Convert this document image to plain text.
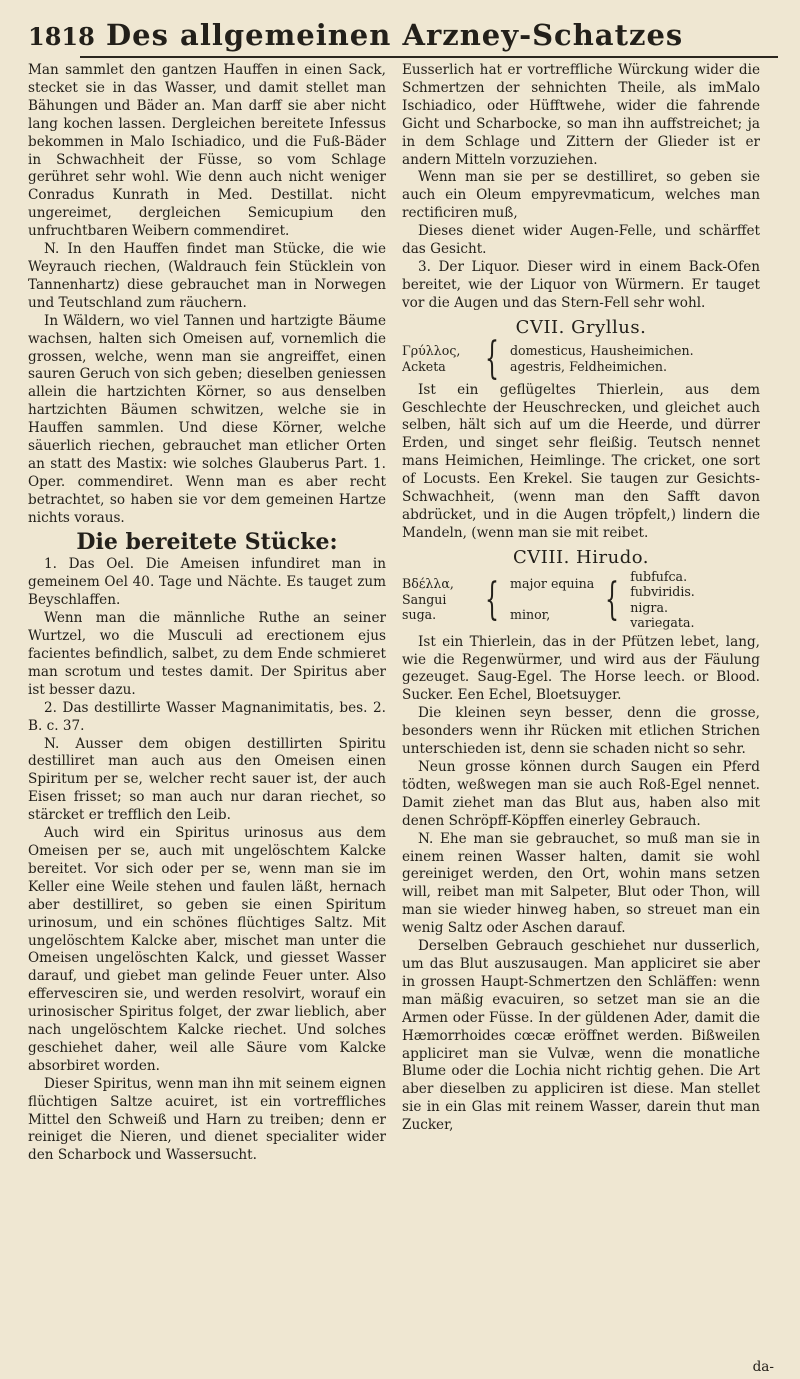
1818 Des allgemeinen Arzney-Schatzes

Man sammlet den gantzen Hauffen in einen Sack, stecket sie in das Wasser, und damit stellet man Bähungen und Bäder an. Man darff sie aber nicht lang kochen lassen. Dergleichen bereitete Infessus bekommen in Malo Ischiadico, und die Fuß-Bäder in Schwachheit der Füsse, so vom Schlage gerühret sehr wohl. Wie denn auch nicht weniger Conradus Kunrath in Med. Destillat. nicht ungereimet, dergleichen Semicupium den unfruchtbaren Weibern commendiret.

N. In den Hauffen findet man Stücke, die wie Weyrauch riechen, (Waldrauch fein Stücklein von Tannenhartz) diese gebrauchet man in Norwegen und Teutschland zum räuchern.

In Wäldern, wo viel Tannen und hartzigte Bäume wachsen, halten sich Omeisen auf, vornemlich die grossen, welche, wenn man sie angreiffet, einen sauren Geruch von sich geben; dieselben geniessen allein die hartzichten Körner, so aus denselben hartzichten Bäumen schwitzen, welche sie in Hauffen sammlen. Und diese Körner, welche säuerlich riechen, gebrauchet man etlicher Orten an statt des Mastix: wie solches Glauberus Part. 1. Oper. commendiret. Wenn man es aber recht betrachtet, so haben sie vor dem gemeinen Hartze nichts voraus.

Die bereitete Stücke:

1. Das Oel. Die Ameisen infundiret man in gemeinem Oel 40. Tage und Nächte. Es tauget zum Beyschlaffen.

Wenn man die männliche Ruthe an seiner Wurtzel, wo die Musculi ad erectionem ejus facientes befindlich, salbet, zu dem Ende schmieret man scrotum und testes damit. Der Spiritus aber ist besser dazu.

2. Das destillirte Wasser Magnanimitatis, bes. 2. B. c. 37.

N. Ausser dem obigen destillirten Spiritu destilliret man auch aus den Omeisen einen Spiritum per se, welcher recht sauer ist, der auch Eisen frisset; so man auch nur daran riechet, so stärcket er trefflich den Leib.

Auch wird ein Spiritus urinosus aus dem Omeisen per se, auch mit ungelöschtem Kalcke bereitet. Vor sich oder per se, wenn man sie im Keller eine Weile stehen und faulen läßt, hernach aber destilliret, so geben sie einen Spiritum urinosum, und ein schönes flüchtiges Saltz. Mit ungelöschtem Kalcke aber, mischet man unter die Omeisen ungelöschten Kalck, und giesset Wasser darauf, und giebet man gelinde Feuer unter. Also effervesciren sie, und werden resolvirt, worauf ein urinosischer Spiritus folget, der zwar lieblich, aber nach ungelöschtem Kalcke riechet. Und solches geschiehet daher, weil alle Säure vom Kalcke absorbiret worden.

Dieser Spiritus, wenn man ihn mit seinem eignen flüchtigen Saltze acuiret, ist ein vortreffliches Mittel den Schweiß und Harn zu treiben; denn er reiniget die Nieren, und dienet specialiter wider den Scharbock und Wassersucht.

Eusserlich hat er vortreffliche Würckung wider die Schmertzen der sehnichten Theile, als imMalo Ischiadico, oder Hüfftwehe, wider die fahrende Gicht und Scharbocke, so man ihn auffstreichet; ja in dem Schlage und Zittern der Glieder ist er andern Mitteln vorzuziehen.

Wenn man sie per se destilliret, so geben sie auch ein Oleum empyrevmaticum, welches man rectificiren muß,

Dieses dienet wider Augen-Felle, und schärffet das Gesicht.

3. Der Liquor. Dieser wird in einem Back-Ofen bereitet, wie der Liquor von Würmern. Er tauget vor die Augen und das Stern-Fell sehr wohl.

CVII. Gryllus.
Γρύλλος,
Acketa { domesticus, Hausheimichen.
agestris, Feldheimichen.

Ist ein geflügeltes Thierlein, aus dem Geschlechte der Heuschrecken, und gleichet auch selben, hält sich auf um die Heerde, und dürrer Erden, und singet sehr fleißig. Teutsch nennet mans Heimichen, Heimlinge. The cricket, one sort of Locusts. Een Krekel. Sie taugen zur Gesichts-Schwachheit, (wenn man den Safft davon abdrücket, und in die Augen tröpfelt,) lindern die Mandeln, (wenn man sie mit reibet.

CVIII. Hirudo.
Βδέλλα,
Sangui
suga.	{ major equina
minor,	{ fubfufca.
fubviridis.
nigra.
variegata.

Ist ein Thierlein, das in der Pfützen lebet, lang, wie die Regenwürmer, und wird aus der Fäulung gezeuget. Saug-Egel. The Horse leech. or Blood. Sucker. Een Echel, Bloetsuyger.

Die kleinen seyn besser, denn die grosse, besonders wenn ihr Rücken mit etlichen Strichen unterschieden ist, denn sie schaden nicht so sehr.

Neun grosse können durch Saugen ein Pferd tödten, weßwegen man sie auch Roß-Egel nennet. Damit ziehet man das Blut aus, haben also mit denen Schröpff-Köpffen einerley Gebrauch.

N. Ehe man sie gebrauchet, so muß man sie in einem reinen Wasser halten, damit sie wohl gereiniget werden, den Ort, wohin mans setzen will, reibet man mit Salpeter, Blut oder Thon, will man sie wieder hinweg haben, so streuet man ein wenig Saltz oder Aschen darauf.

Derselben Gebrauch geschiehet nur dusserlich, um das Blut auszusaugen. Man appliciret sie aber in grossen Haupt-Schmertzen den Schläffen: wenn man mäßig evacuiren, so setzet man sie an die Armen oder Füsse. In der güldenen Ader, damit die Hæmorrhoides cœcæ eröffnet werden. Bißweilen appliciret man sie Vulvæ, wenn die monatliche Blume oder die Lochia nicht richtig gehen. Die Art aber dieselben zu appliciren ist diese. Man stellet sie in ein Glas mit reinem Wasser, darein thut man Zucker,

da-
